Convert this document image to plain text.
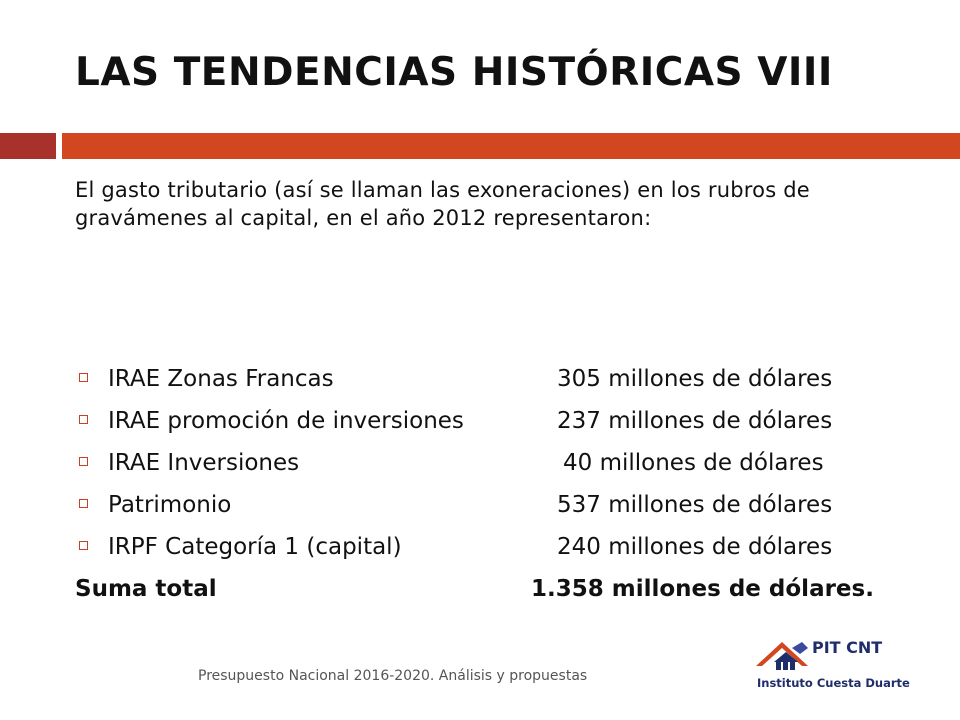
LAS TENDENCIAS HISTÓRICAS VIII
El gasto tributario (así se llaman las exoneraciones) en los rubros de gravámenes al capital, en el año 2012 representaron:
IRAE Zonas Francas	305 millones de dólares
IRAE promoción de inversiones	237 millones de dólares
IRAE Inversiones	40 millones de dólares
Patrimonio	537 millones de dólares
IRPF Categoría 1 (capital)	240 millones de dólares
Suma total	1.358 millones de dólares.
Presupuesto Nacional 2016-2020. Análisis y propuestas
PIT CNT
Instituto Cuesta Duarte
